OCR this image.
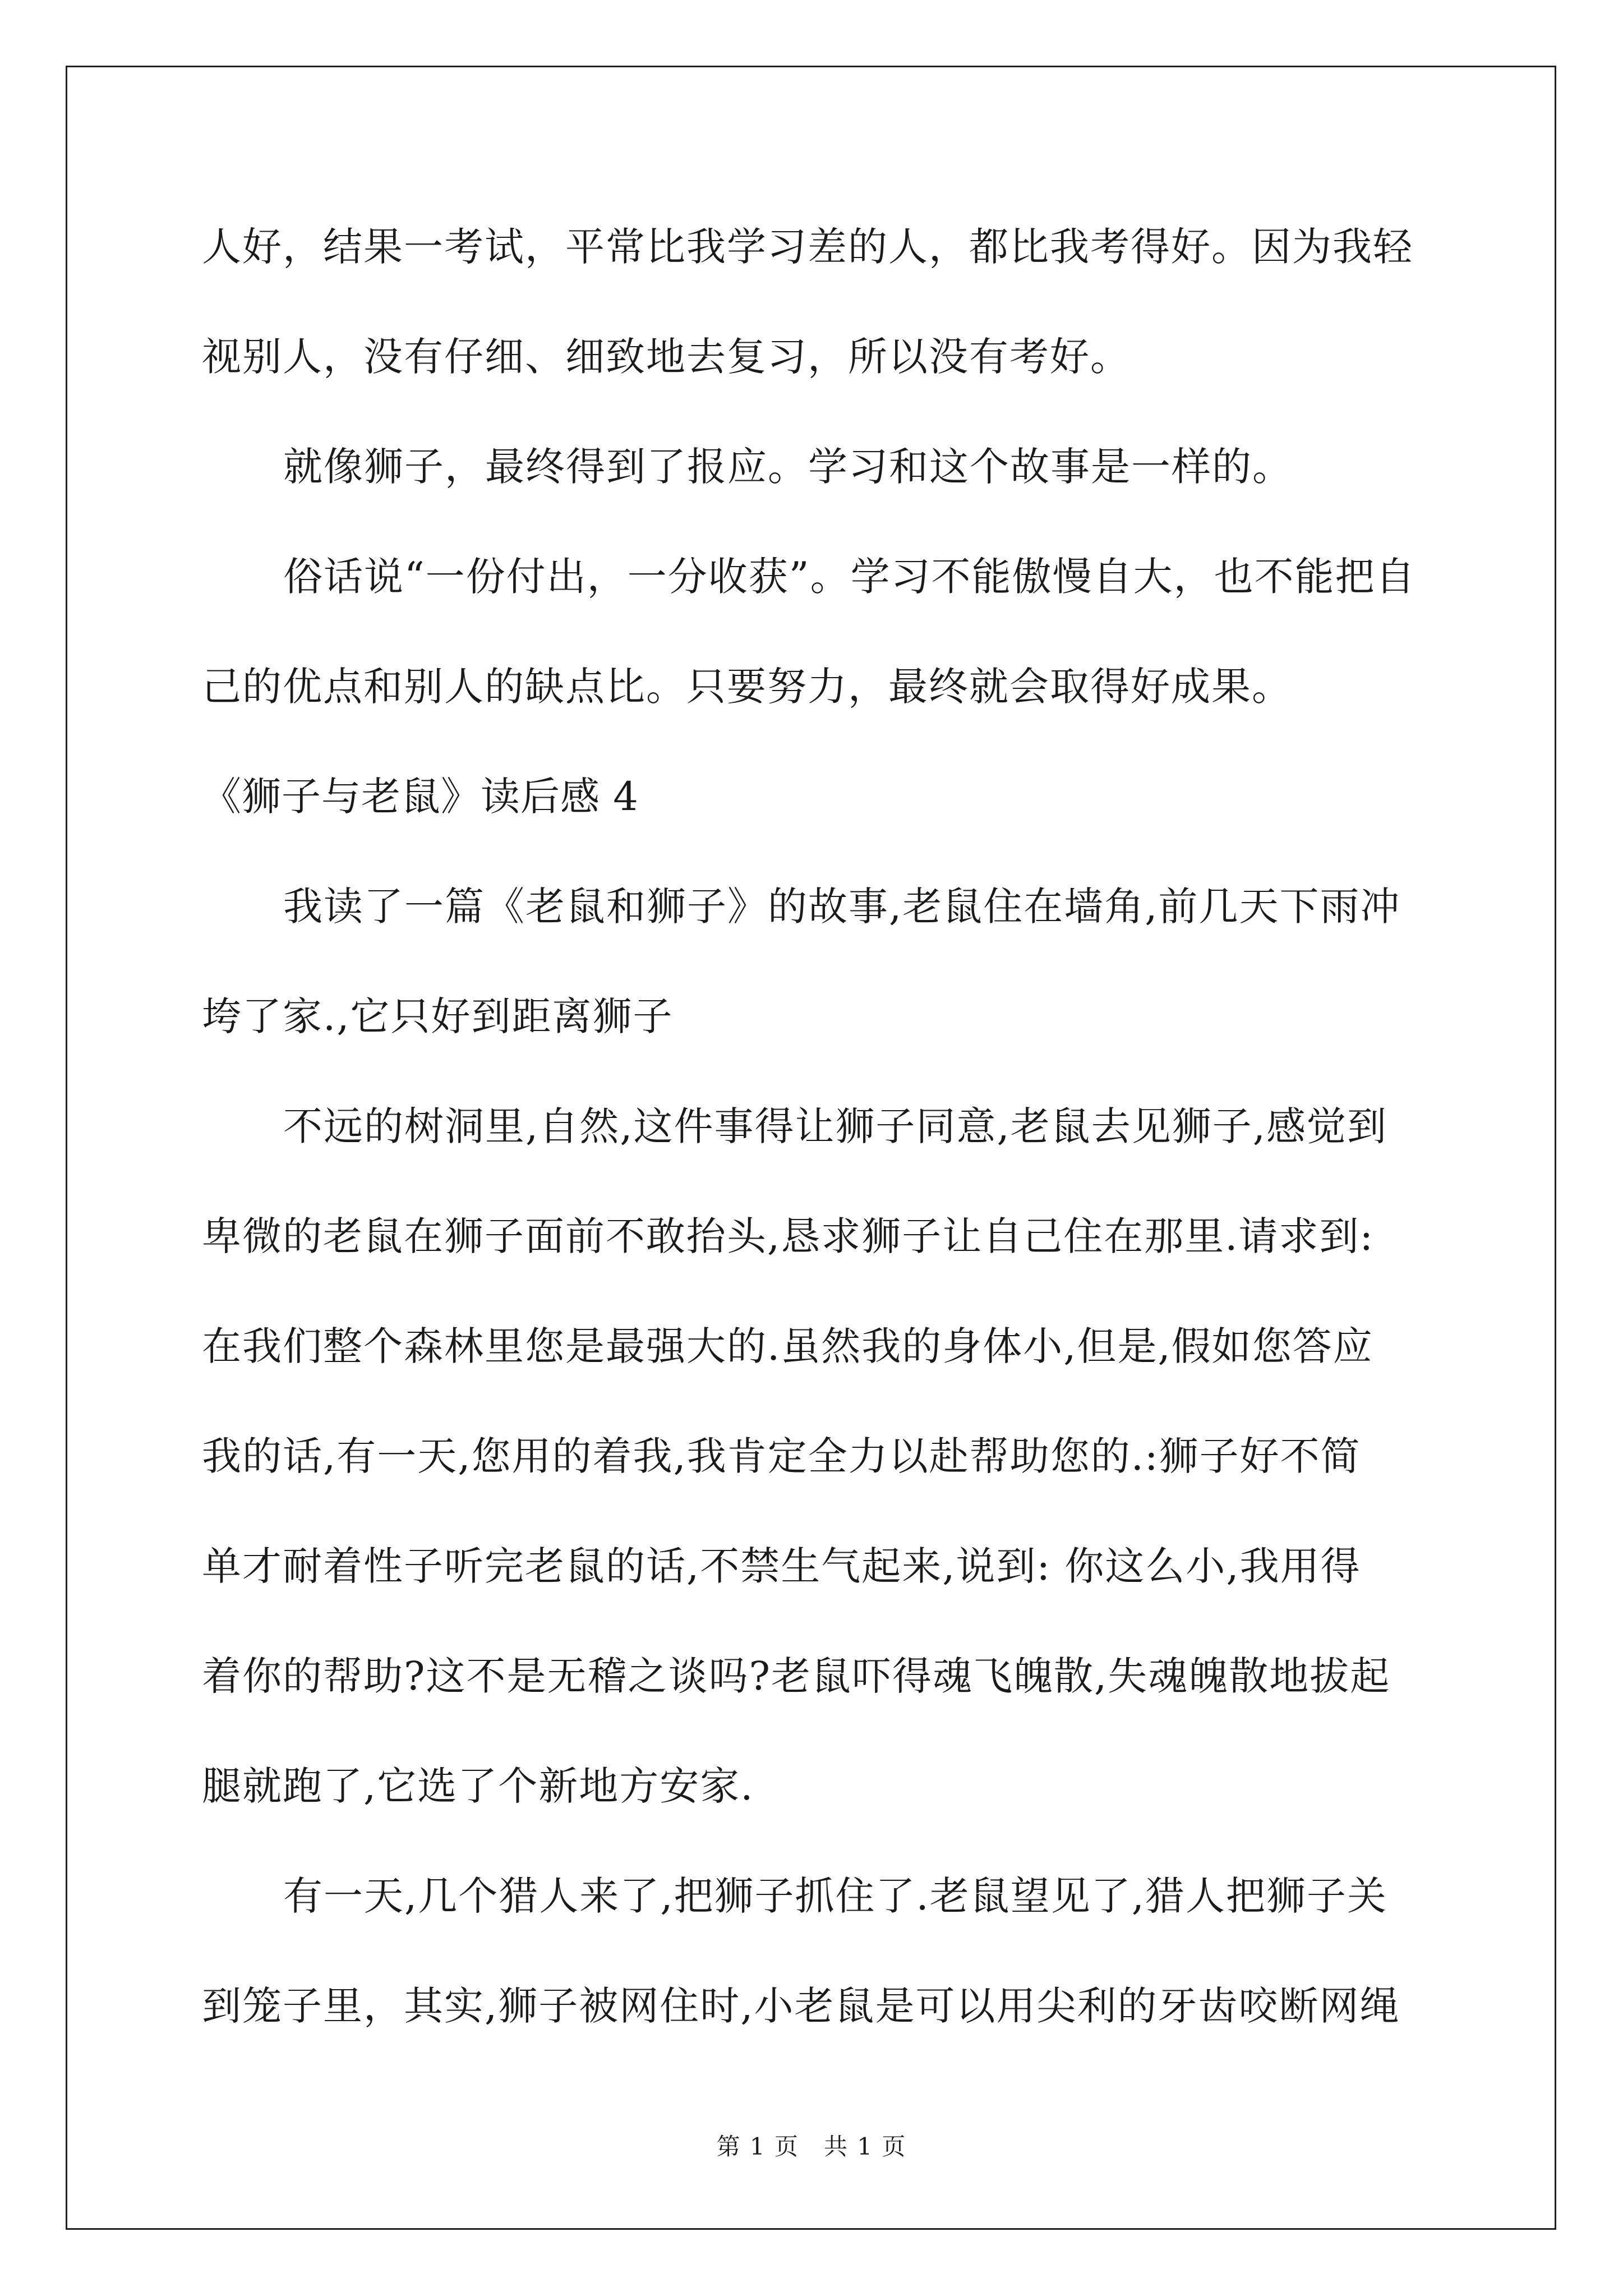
人好，结果一考试，平常比我学习差的人，都比我考得好。因为我轻
视别人，没有仔细、细致地去复习，所以没有考好。
就像狮子，最终得到了报应。学习和这个故事是一样的。
俗话说“一份付出，一分收获”。学习不能傲慢自大，也不能把自
己的优点和别人的缺点比。只要努力，最终就会取得好成果。
《狮子与老鼠》读后感 4
我读了一篇《老鼠和狮子》的故事,老鼠住在墙角,前几天下雨冲
垮了家.,它只好到距离狮子
不远的树洞里,自然,这件事得让狮子同意,老鼠去见狮子,感觉到
卑微的老鼠在狮子面前不敢抬头,恳求狮子让自己住在那里.请求到:
在我们整个森林里您是最强大的.虽然我的身体小,但是,假如您答应
我的话,有一天,您用的着我,我肯定全力以赴帮助您的.:狮子好不简
单才耐着性子听完老鼠的话,不禁生气起来,说到: 你这么小,我用得
着你的帮助?这不是无稽之谈吗?老鼠吓得魂飞魄散,失魂魄散地拔起
腿就跑了,它选了个新地方安家.
有一天,几个猎人来了,把狮子抓住了.老鼠望见了,猎人把狮子关
到笼子里，其实,狮子被网住时,小老鼠是可以用尖利的牙齿咬断网绳
第 1 页　共 1 页
